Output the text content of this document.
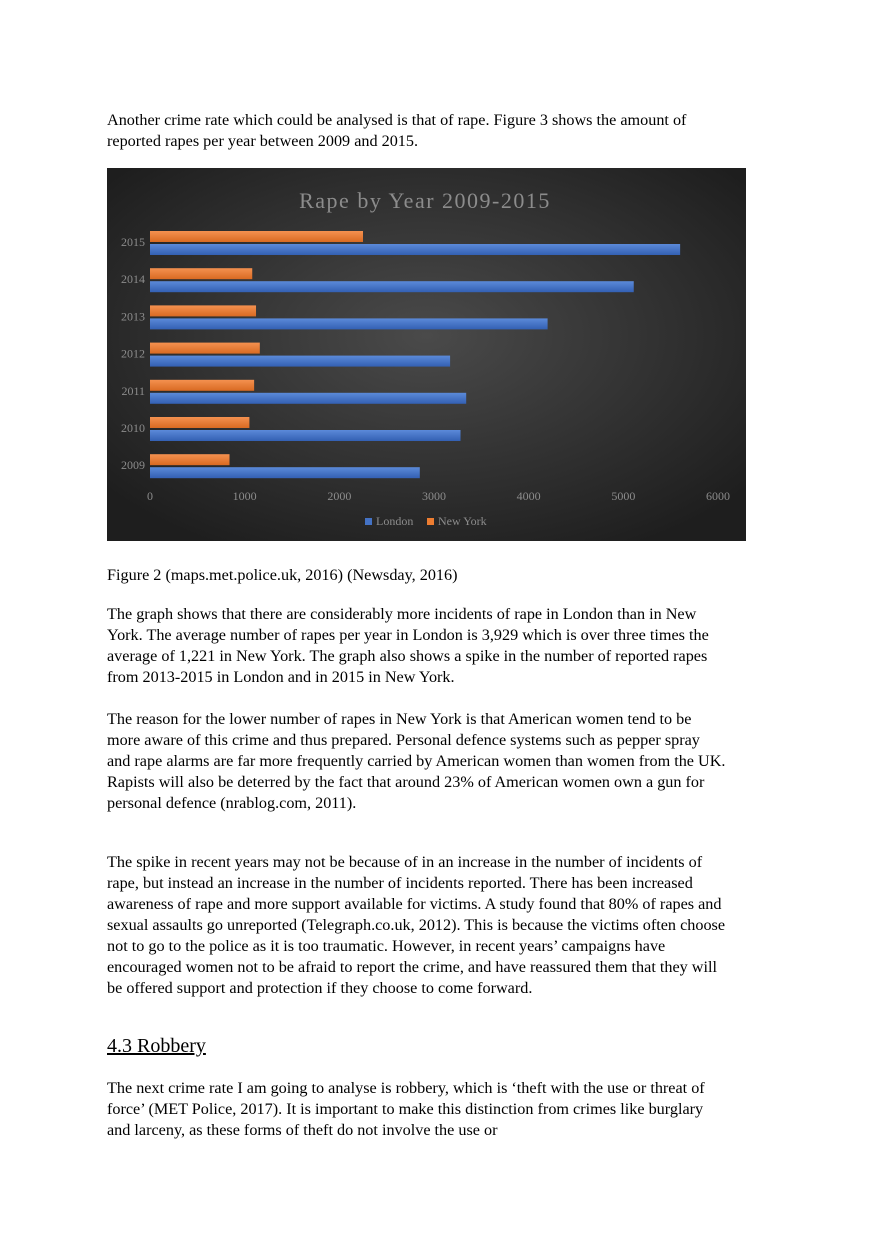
Another crime rate which could be analysed is that of rape. Figure 3 shows the amount of reported rapes per year between 2009 and 2015.

Rape by Year 2009-2015
2009
2010
2011
2012
2013
2014
2015
0	1000	2000	3000	4000	5000	6000
London New York

Figure 2 (maps.met.police.uk, 2016) (Newsday, 2016)

The graph shows that there are considerably more incidents of rape in London than in New York. The average number of rapes per year in London is 3,929 which is over three times the average of 1,221 in New York. The graph also shows a spike in the number of reported rapes from 2013-2015 in London and in 2015 in New York.

The reason for the lower number of rapes in New York is that American women tend to be more aware of this crime and thus prepared. Personal defence systems such as pepper spray and rape alarms are far more frequently carried by American women than women from the UK. Rapists will also be deterred by the fact that around 23% of American women own a gun for personal defence (nrablog.com, 2011).

The spike in recent years may not be because of in an increase in the number of incidents of rape, but instead an increase in the number of incidents reported. There has been increased awareness of rape and more support available for victims. A study found that 80% of rapes and sexual assaults go unreported (Telegraph.co.uk, 2012). This is because the victims often choose not to go to the police as it is too traumatic. However, in recent years’ campaigns have encouraged women not to be afraid to report the crime, and have reassured them that they will be offered support and protection if they choose to come forward.

4.3 Robbery

The next crime rate I am going to analyse is robbery, which is ‘theft with the use or threat of force’ (MET Police, 2017). It is important to make this distinction from crimes like burglary and larceny, as these forms of theft do not involve the use or
